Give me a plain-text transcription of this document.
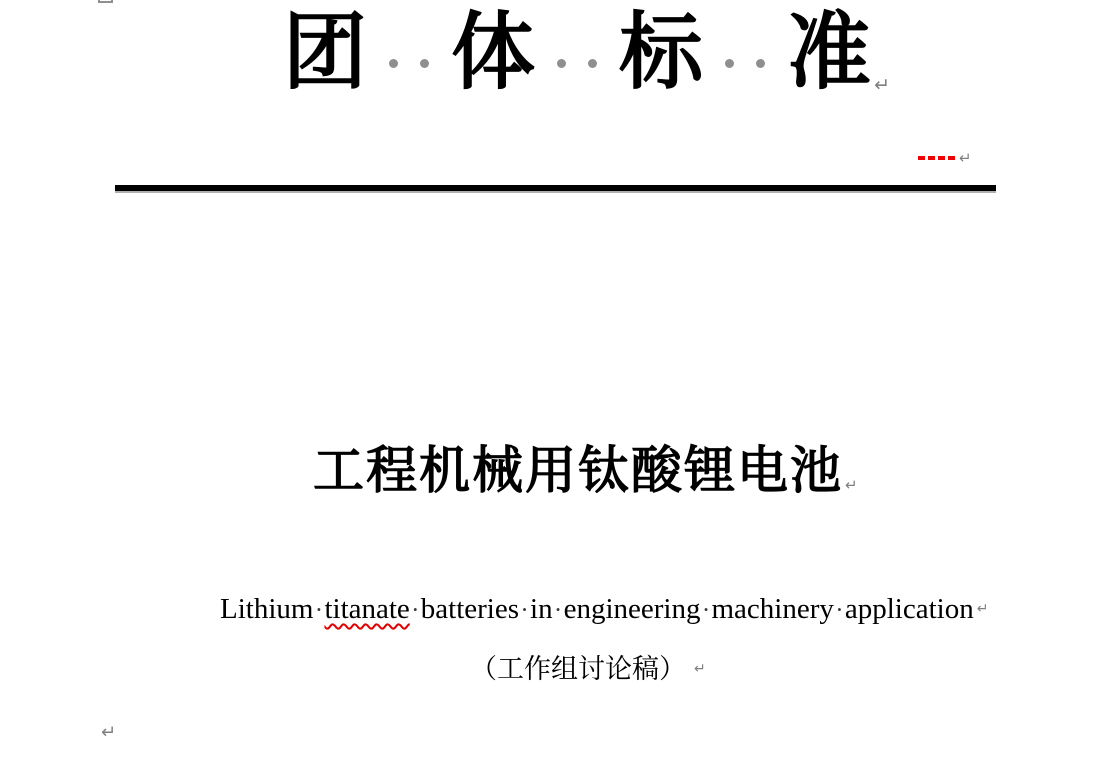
团 体 标 准 ↵
↵
工程机械用钛酸锂电池 ↵
Lithium · titanate · batteries · in · engineering · machinery · application ↵
（工作组讨论稿） ↵
↵
